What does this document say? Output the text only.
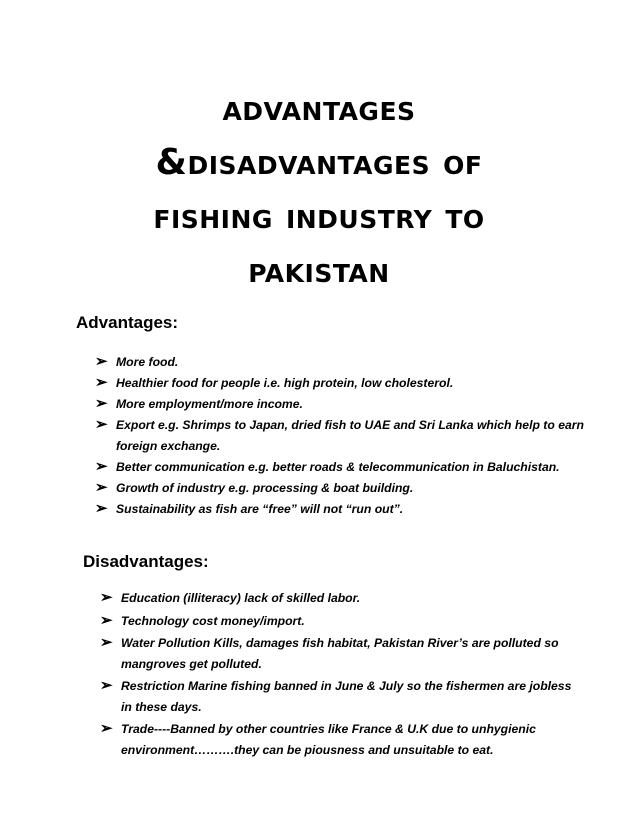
advantages
&disadvantages of
fishing industry to
pakistan
Advantages:
➢ More food.
➢ Healthier food for people i.e. high protein, low cholesterol.
➢ More employment/more income.
➢ Export e.g. Shrimps to Japan, dried fish to UAE and Sri Lanka which help to earn foreign exchange.
➢ Better communication e.g. better roads & telecommunication in Baluchistan.
➢ Growth of industry e.g. processing & boat building.
➢ Sustainability as fish are “free” will not “run out”.
Disadvantages:
➢ Education (illiteracy) lack of skilled labor.
➢ Technology cost money/import.
➢ Water Pollution Kills, damages fish habitat, Pakistan River’s are polluted so mangroves get polluted.
➢ Restriction Marine fishing banned in June & July so the fishermen are jobless in these days.
➢ Trade----Banned by other countries like France & U.K due to unhygienic environment……….they can be piousness and unsuitable to eat.
